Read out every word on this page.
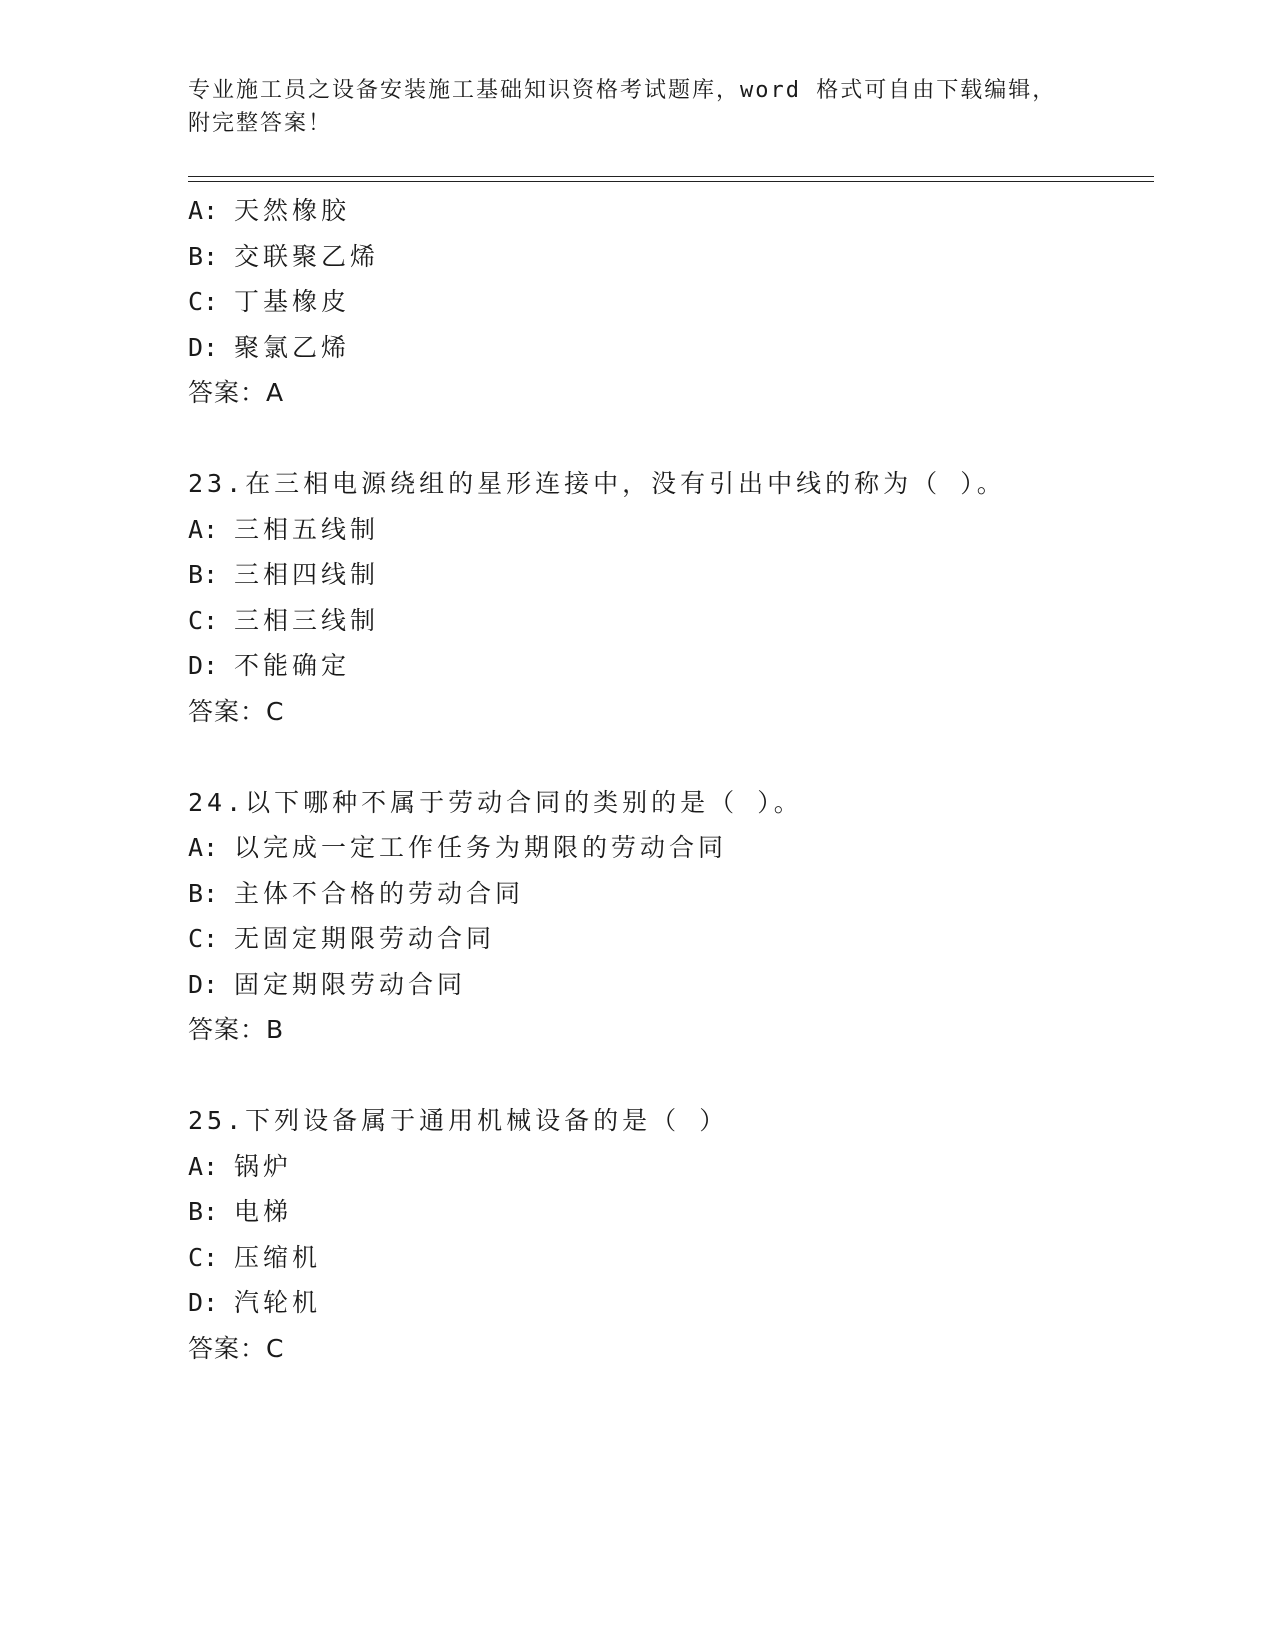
专业施工员之设备安装施工基础知识资格考试题库，word 格式可自由下载编辑，
附完整答案！
A: 天然橡胶
B: 交联聚乙烯
C: 丁基橡皮
D: 聚氯乙烯
答案：A
23.在三相电源绕组的星形连接中，没有引出中线的称为（ ）。
A: 三相五线制
B: 三相四线制
C: 三相三线制
D: 不能确定
答案：C
24.以下哪种不属于劳动合同的类别的是（ ）。
A: 以完成一定工作任务为期限的劳动合同
B: 主体不合格的劳动合同
C: 无固定期限劳动合同
D: 固定期限劳动合同
答案：B
25.下列设备属于通用机械设备的是（ ）
A: 锅炉
B: 电梯
C: 压缩机
D: 汽轮机
答案：C
